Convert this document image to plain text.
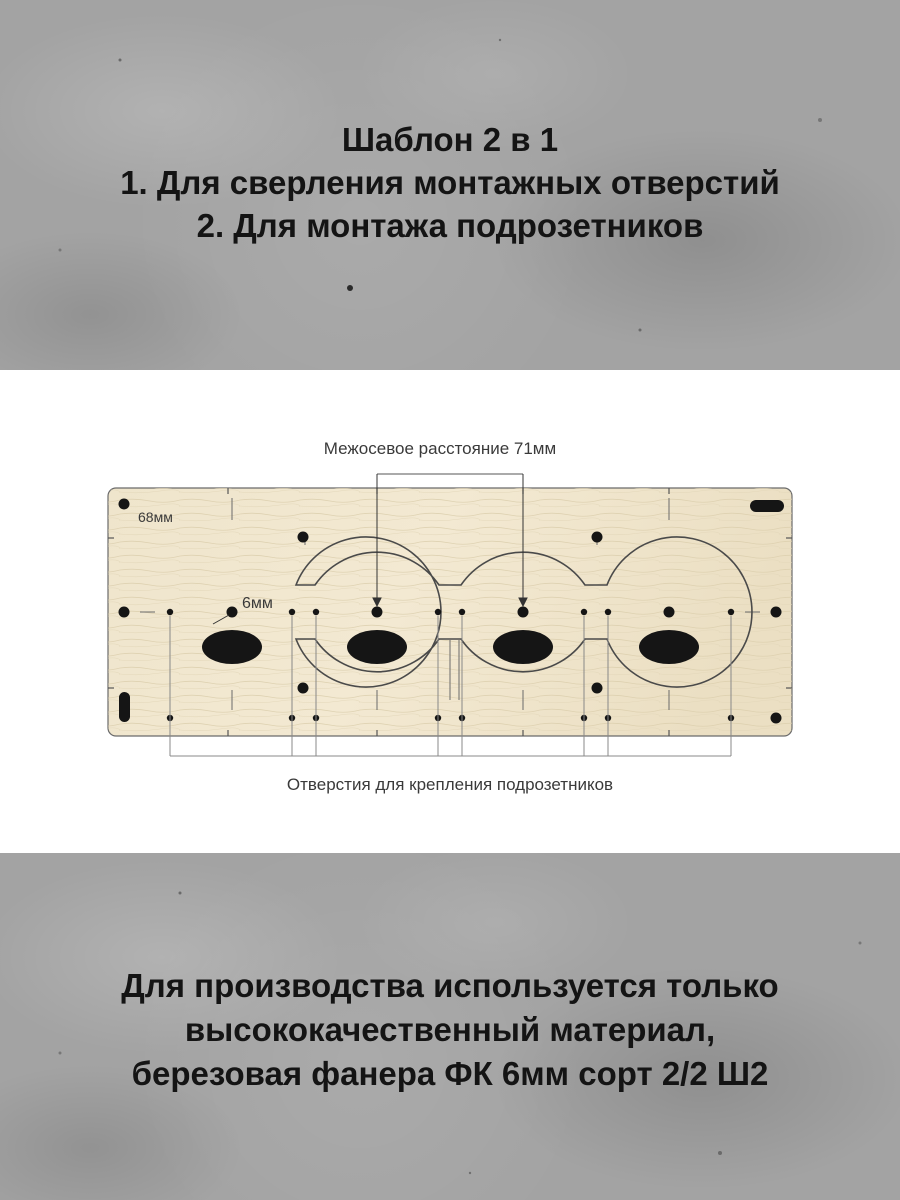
Шаблон 2 в 1
1. Для сверления монтажных отверстий
2. Для монтажа подрозетников
Межосевое расстояние 71мм
6мм
68мм
Отверстия для крепления подрозетников
Для производства используется только
высококачественный материал,
березовая фанера ФК 6мм сорт 2/2 Ш2
